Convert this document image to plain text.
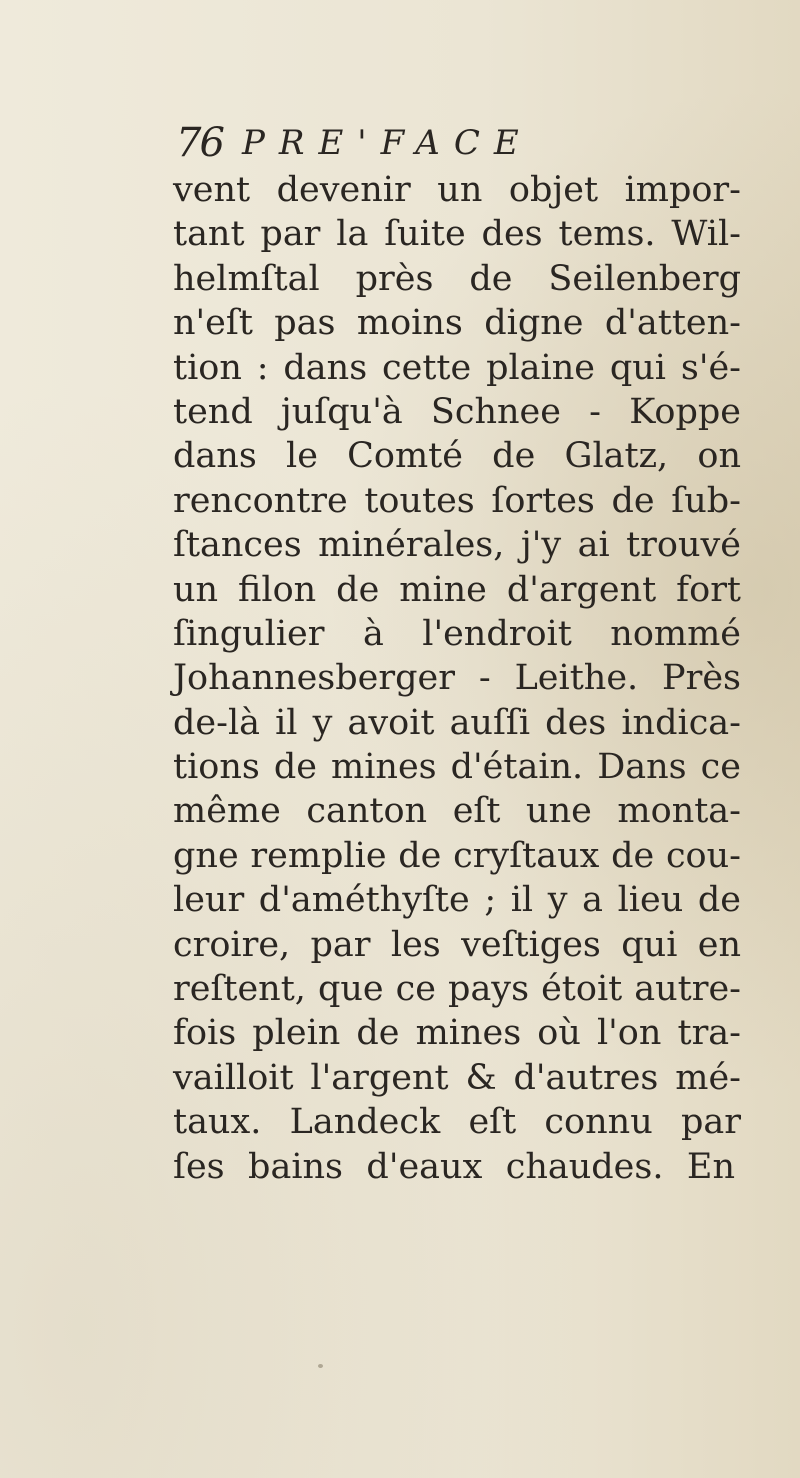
76 PRE'FACE
vent devenir un objet impor-
tant par la ſuite des tems. Wil-
helmſtal près de Seilenberg
n'eſt pas moins digne d'atten-
tion : dans cette plaine qui s'é-
tend juſqu'à Schnee - Koppe
dans le Comté de Glatz, on
rencontre toutes ſortes de ſub-
ſtances minérales, j'y ai trouvé
un filon de mine d'argent fort
ſingulier à l'endroit nommé
Johannesberger - Leithe. Près
de-là il y avoit auſſi des indica-
tions de mines d'étain. Dans ce
même canton eſt une monta-
gne remplie de cryſtaux de cou-
leur d'améthyſte ; il y a lieu de
croire, par les veſtiges qui en
reſtent, que ce pays étoit autre-
fois plein de mines où l'on tra-
vailloit l'argent & d'autres mé-
taux. Landeck eſt connu par
ſes bains d'eaux chaudes. En
